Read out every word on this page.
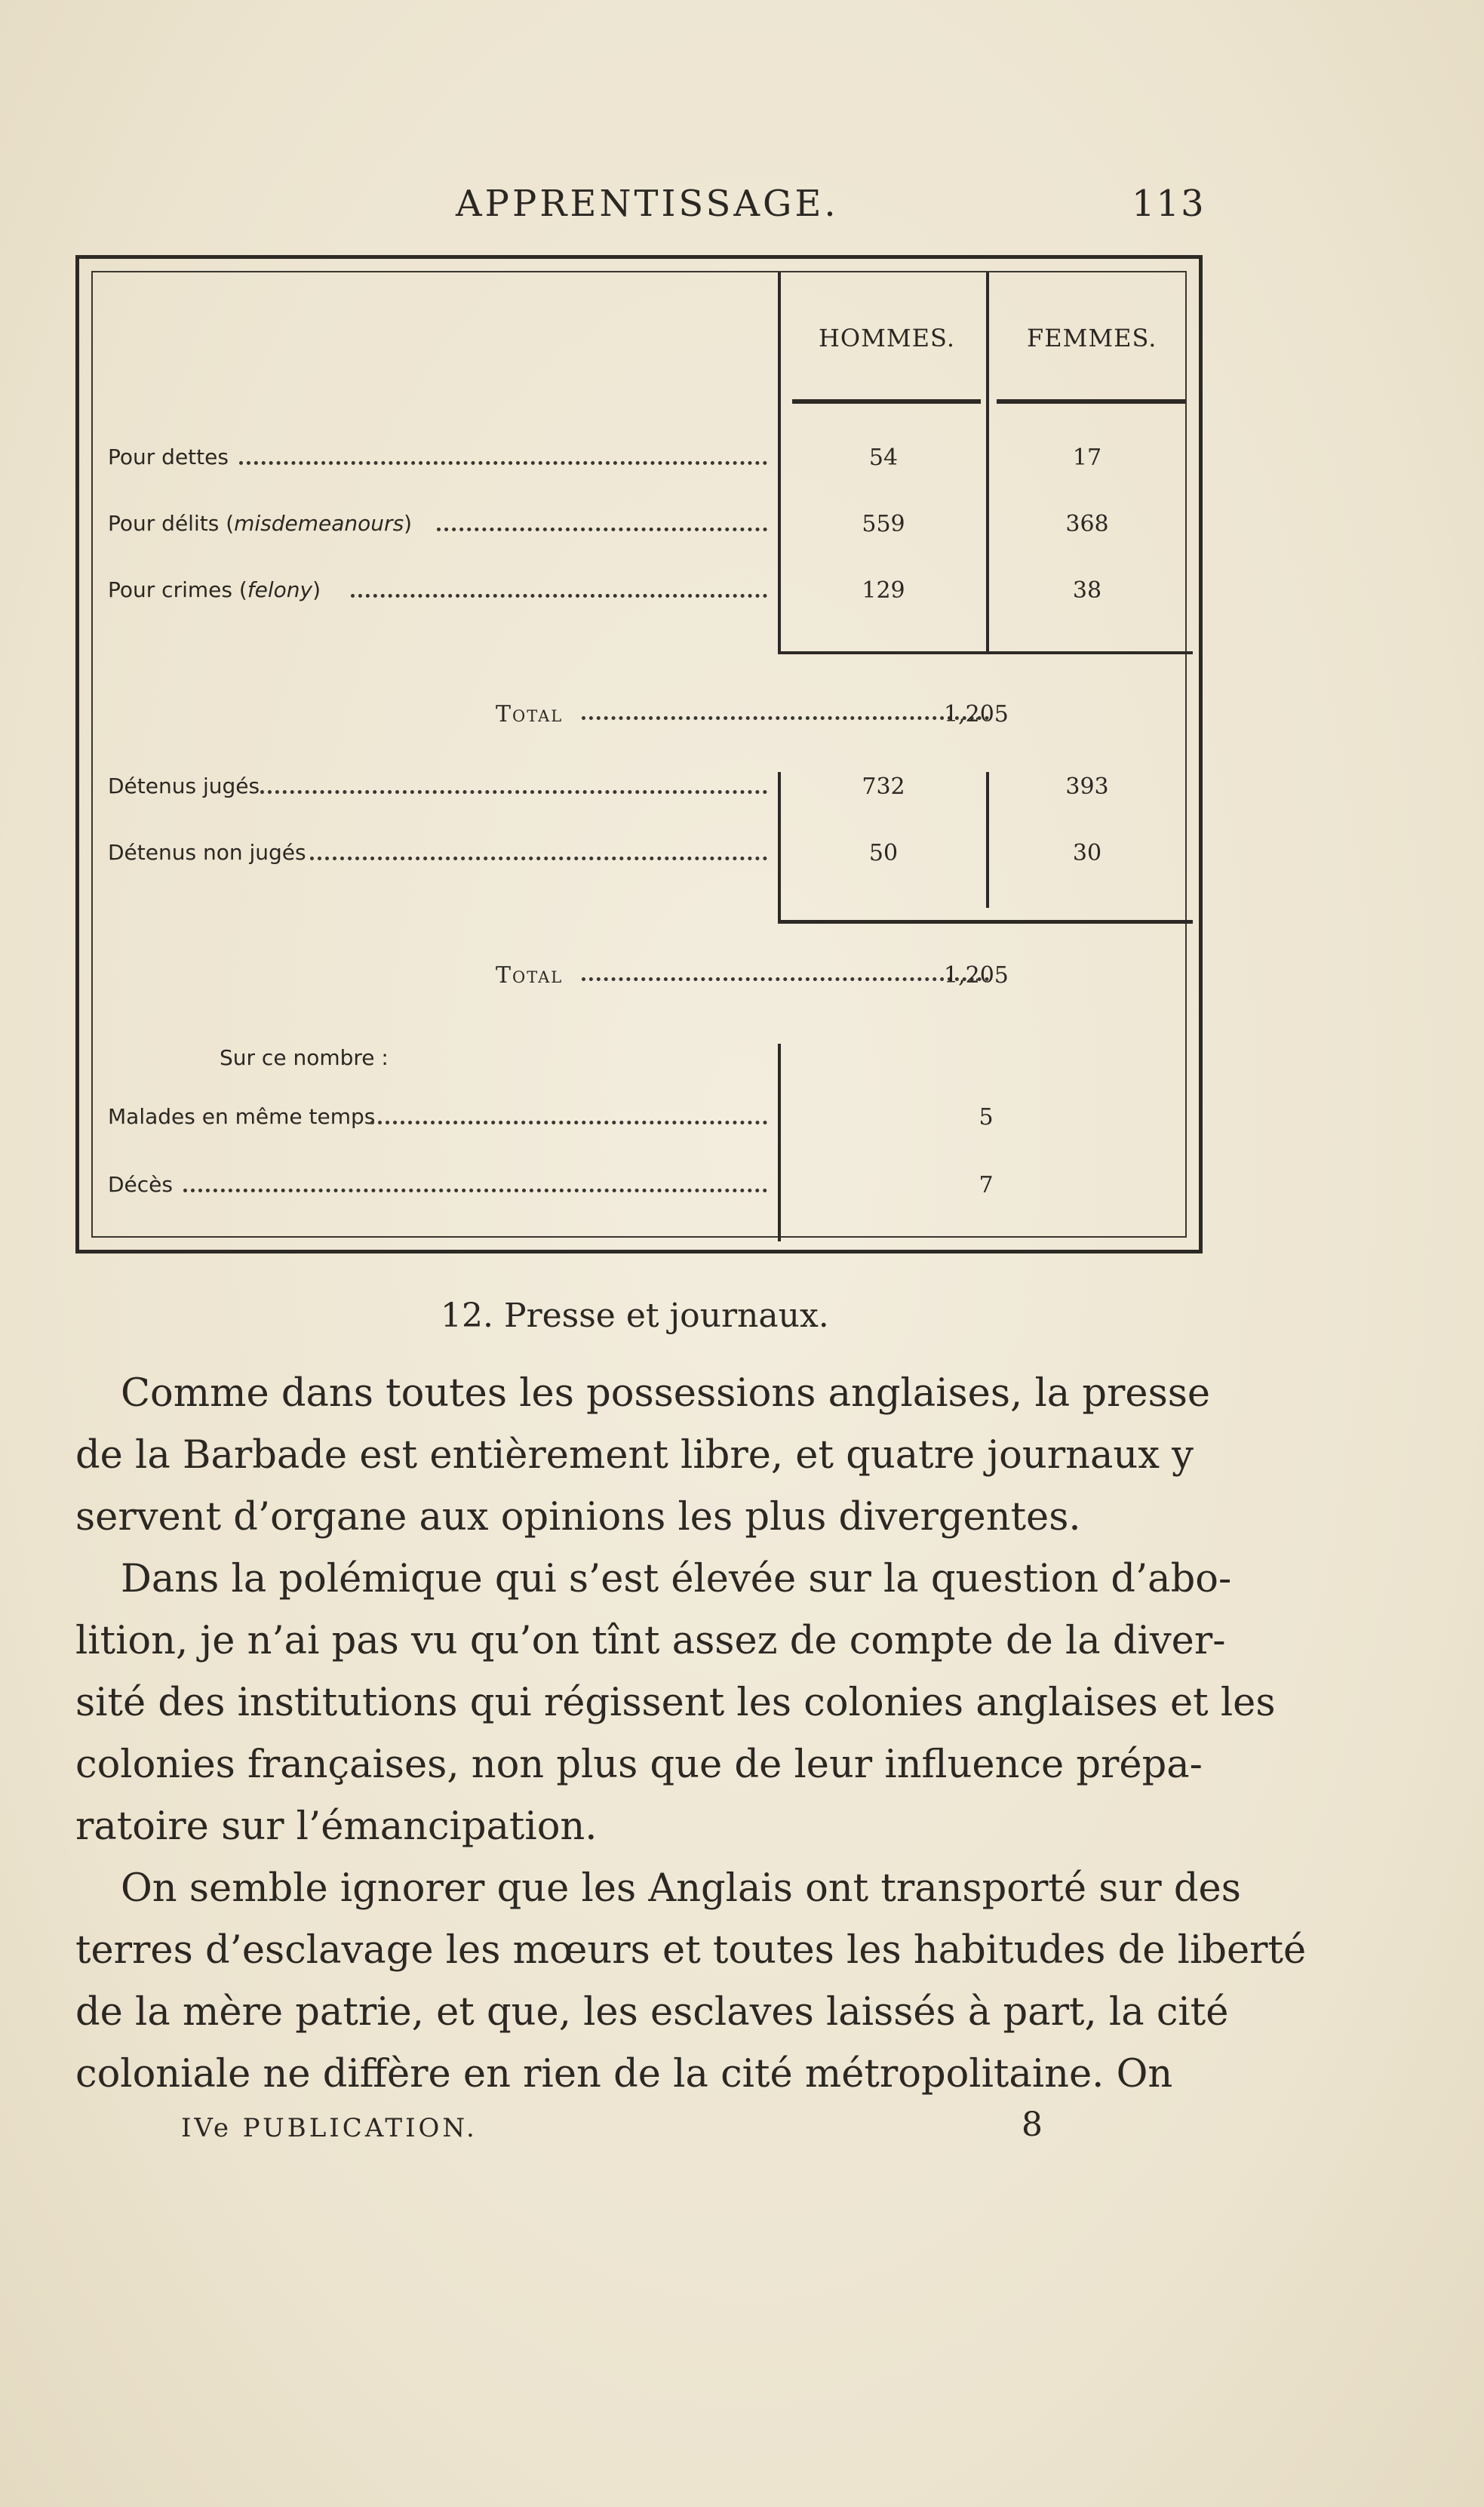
APPRENTISSAGE.	113
HOMMES.	FEMMES.
Pour dettes	54	17
Pour délits (misdemeanours)	559	368
Pour crimes (felony)	129	38
Total	1,205
Détenus jugés	732	393
Détenus non jugés	50	30
Total	1,205
Sur ce nombre :
Malades en même temps	5
Décès	7
12. Presse et journaux.
Comme dans toutes les possessions anglaises, la presse
de la Barbade est entièrement libre, et quatre journaux y
servent d’organe aux opinions les plus divergentes.
Dans la polémique qui s’est élevée sur la question d’abo-
lition, je n’ai pas vu qu’on tînt assez de compte de la diver-
sité des institutions qui régissent les colonies anglaises et les
colonies françaises, non plus que de leur influence prépa-
ratoire sur l’émancipation.
On semble ignorer que les Anglais ont transporté sur des
terres d’esclavage les mœurs et toutes les habitudes de liberté
de la mère patrie, et que, les esclaves laissés à part, la cité
coloniale ne diffère en rien de la cité métropolitaine. On
IVe PUBLICATION.	8
